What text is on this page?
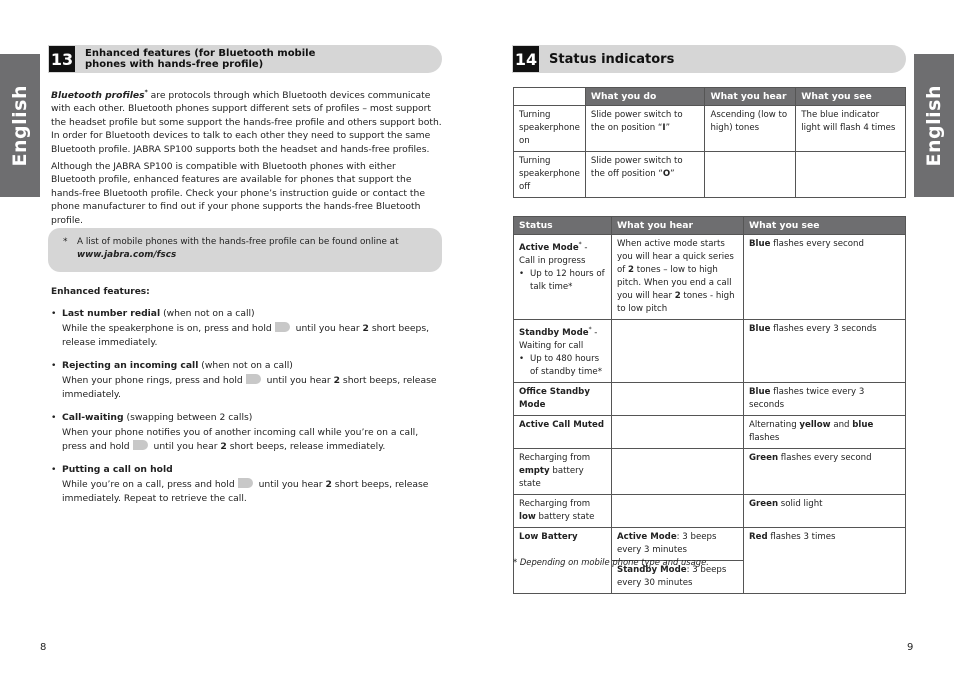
English	English
13 Enhanced features (for Bluetooth mobile
phones with hands-free profile)
Bluetooth profiles* are protocols through which Bluetooth devices communicate with each other. Bluetooth phones support different sets of profiles – most support the headset profile but some support the hands-free profile and others support both. In order for Bluetooth devices to talk to each other they need to support the same Bluetooth profile. JABRA SP100 supports both the headset and hands-free profiles.
Although the JABRA SP100 is compatible with Bluetooth phones with either Bluetooth profile, enhanced features are available for phones that support the hands-free Bluetooth profile. Check your phone’s instruction guide or contact the phone manufacturer to find out if your phone supports the hands-free Bluetooth profile.
* A list of mobile phones with the hands-free profile can be found online at
www.jabra.com/fscs
Enhanced features:
• Last number redial (when not on a call)
While the speakerphone is on, press and hold until you hear 2 short beeps, release immediately.
• Rejecting an incoming call (when not on a call)
When your phone rings, press and hold until you hear 2 short beeps, release immediately.
• Call-waiting (swapping between 2 calls)
When your phone notifies you of another incoming call while you’re on a call, press and hold until you hear 2 short beeps, release immediately.
• Putting a call on hold
While you’re on a call, press and hold until you hear 2 short beeps, release immediately. Repeat to retrieve the call.
8
14 Status indicators
	What you do	What you hear	What you see
Turning speakerphone on	Slide power switch to the on position “I”	Ascending (low to high) tones	The blue indicator light will flash 4 times
Turning speakerphone off	Slide power switch to the off position “O”		
Status	What you hear	What you see
Active Mode* -
Call in progress
• Up to 12 hours of talk time*	When active mode starts you will hear a quick series of 2 tones – low to high pitch. When you end a call you will hear 2 tones - high to low pitch	Blue flashes every second
Standby Mode* -
Waiting for call
• Up to 480 hours of standby time*		Blue flashes every 3 seconds
Office Standby Mode		Blue flashes twice every 3 seconds
Active Call Muted		Alternating yellow and blue flashes
Recharging from empty battery state		Green flashes every second
Recharging from low battery state		Green solid light
Low Battery	Active Mode: 3 beeps every 3 minutes	Red flashes 3 times
	Standby Mode: 3 beeps every 30 minutes	
* Depending on mobile phone type and usage.
9
